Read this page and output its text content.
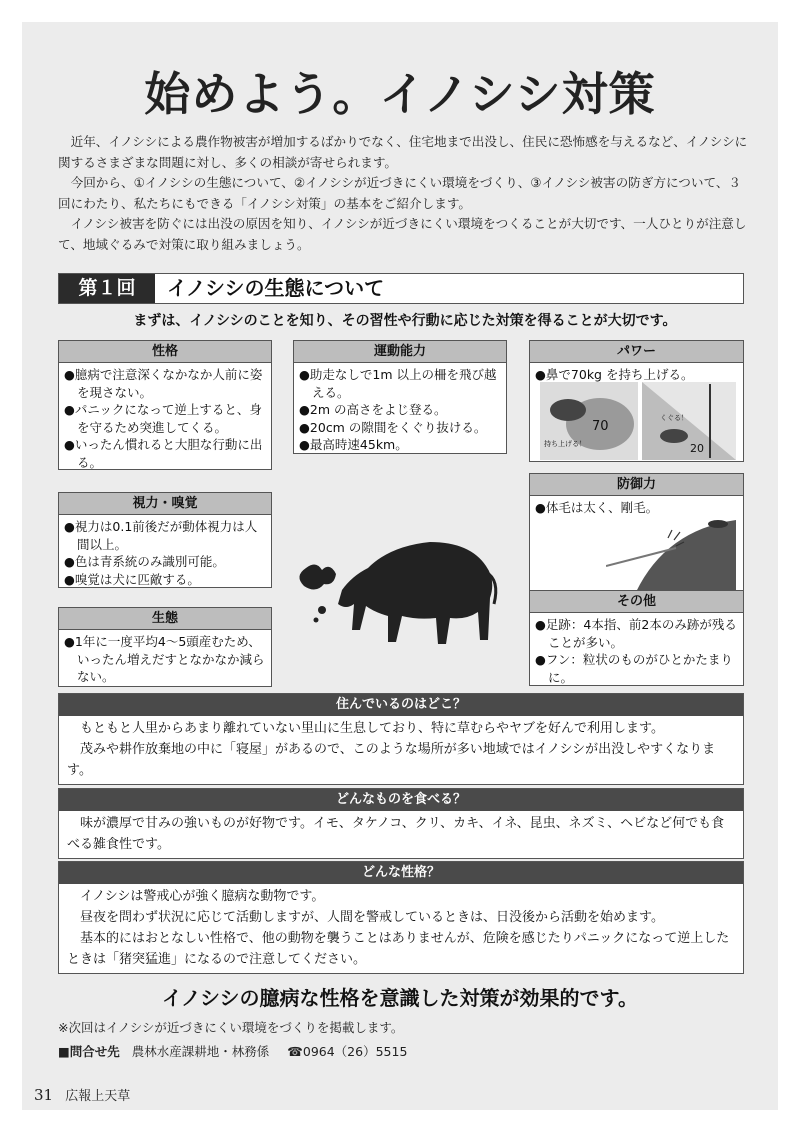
始めよう。イノシシ対策

近年、イノシシによる農作物被害が増加するばかりでなく、住宅地まで出没し、住民に恐怖感を与えるなど、イノシシに関するさまざまな問題に対し、多くの相談が寄せられます。

今回から、①イノシシの生態について、②イノシシが近づきにくい環境をづくり、③イノシシ被害の防ぎ方について、３回にわたり、私たちにもできる「イノシシ対策」の基本をご紹介します。

イノシシ被害を防ぐには出没の原因を知り、イノシシが近づきにくい環境をつくることが大切です、一人ひとりが注意して、地域ぐるみで対策に取り組みましょう。

第１回	イノシシの生態について
まずは、イノシシのことを知り、その習性や行動に応じた対策を得ることが大切です。
性格
●臆病で注意深くなかなか人前に姿を現さない。
●パニックになって逆上すると、身を守るため突進してくる。
●いったん慣れると大胆な行動に出る。
運動能力
●助走なしで1m 以上の柵を飛び越える。
●2m の高さをよじ登る。
●20cm の隙間をくぐり抜ける。
●最高時速45km。
パワー
●鼻で70kg を持ち上げる。
70
持ち上げる！
くぐる！
20
防御力
●体毛は太く、剛毛。
視力・嗅覚
●視力は0.1前後だが動体視力は人間以上。
●色は青系統のみ識別可能。
●嗅覚は犬に匹敵する。
生態
●1年に一度平均4～5頭産むため、いったん増えだすとなかなか減らない。
その他
●足跡：4本指、前2本のみ跡が残ることが多い。
●フン：粒状のものがひとかたまりに。
住んでいるのはどこ？

もともと人里からあまり離れていない里山に生息しており、特に草むらやヤブを好んで利用します。

茂みや耕作放棄地の中に「寝屋」があるので、このような場所が多い地域ではイノシシが出没しやすくなります。

どんなものを食べる？

味が濃厚で甘みの強いものが好物です。イモ、タケノコ、クリ、カキ、イネ、昆虫、ネズミ、ヘビなど何でも食べる雑食性です。

どんな性格？

イノシシは警戒心が強く臆病な動物です。

昼夜を問わず状況に応じて活動しますが、人間を警戒しているときは、日没後から活動を始めます。

基本的にはおとなしい性格で、他の動物を襲うことはありませんが、危険を感じたりパニックになって逆上したときは「猪突猛進」になるので注意してください。

イノシシの臆病な性格を意識した対策が効果的です。
※次回はイノシシが近づきにくい環境をづくりを掲載します。
■問合せ先 農林水産課耕地・林務係 ☎0964（26）5515
31 広報上天草
